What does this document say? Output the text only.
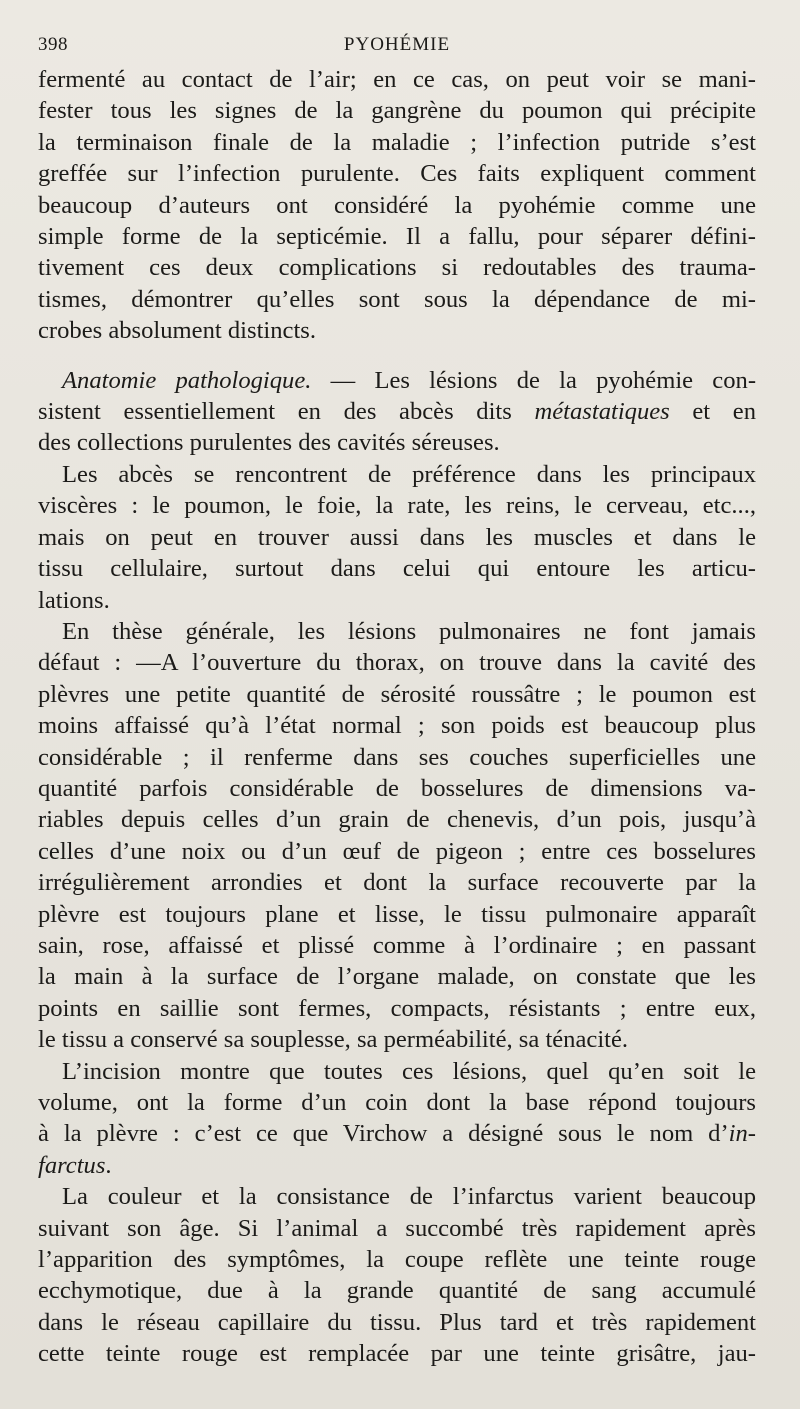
398	PYOHÉMIE

fermenté au contact de l’air; en ce cas, on peut voir se mani-

fester tous les signes de la gangrène du poumon qui précipite

la terminaison finale de la maladie ; l’infection putride s’est

greffée sur l’infection purulente. Ces faits expliquent comment

beaucoup d’auteurs ont considéré la pyohémie comme une

simple forme de la septicémie. Il a fallu, pour séparer défini-

tivement ces deux complications si redoutables des trauma-

tismes, démontrer qu’elles sont sous la dépendance de mi-

crobes absolument distincts.

Anatomie pathologique. — Les lésions de la pyohémie con-

sistent essentiellement en des abcès dits métastatiques et en

des collections purulentes des cavités séreuses.

Les abcès se rencontrent de préférence dans les principaux

viscères : le poumon, le foie, la rate, les reins, le cerveau, etc...,

mais on peut en trouver aussi dans les muscles et dans le

tissu cellulaire, surtout dans celui qui entoure les articu-

lations.

En thèse générale, les lésions pulmonaires ne font jamais

défaut : —A l’ouverture du thorax, on trouve dans la cavité des

plèvres une petite quantité de sérosité roussâtre ; le poumon est

moins affaissé qu’à l’état normal ; son poids est beaucoup plus

considérable ; il renferme dans ses couches superficielles une

quantité parfois considérable de bosselures de dimensions va-

riables depuis celles d’un grain de chenevis, d’un pois, jusqu’à

celles d’une noix ou d’un œuf de pigeon ; entre ces bosselures

irrégulièrement arrondies et dont la surface recouverte par la

plèvre est toujours plane et lisse, le tissu pulmonaire apparaît

sain, rose, affaissé et plissé comme à l’ordinaire ; en passant

la main à la surface de l’organe malade, on constate que les

points en saillie sont fermes, compacts, résistants ; entre eux,

le tissu a conservé sa souplesse, sa perméabilité, sa ténacité.

L’incision montre que toutes ces lésions, quel qu’en soit le

volume, ont la forme d’un coin dont la base répond toujours

à la plèvre : c’est ce que Virchow a désigné sous le nom d’in-

farctus.

La couleur et la consistance de l’infarctus varient beaucoup

suivant son âge. Si l’animal a succombé très rapidement après

l’apparition des symptômes, la coupe reflète une teinte rouge

ecchymotique, due à la grande quantité de sang accumulé

dans le réseau capillaire du tissu. Plus tard et très rapidement

cette teinte rouge est remplacée par une teinte grisâtre, jau-
